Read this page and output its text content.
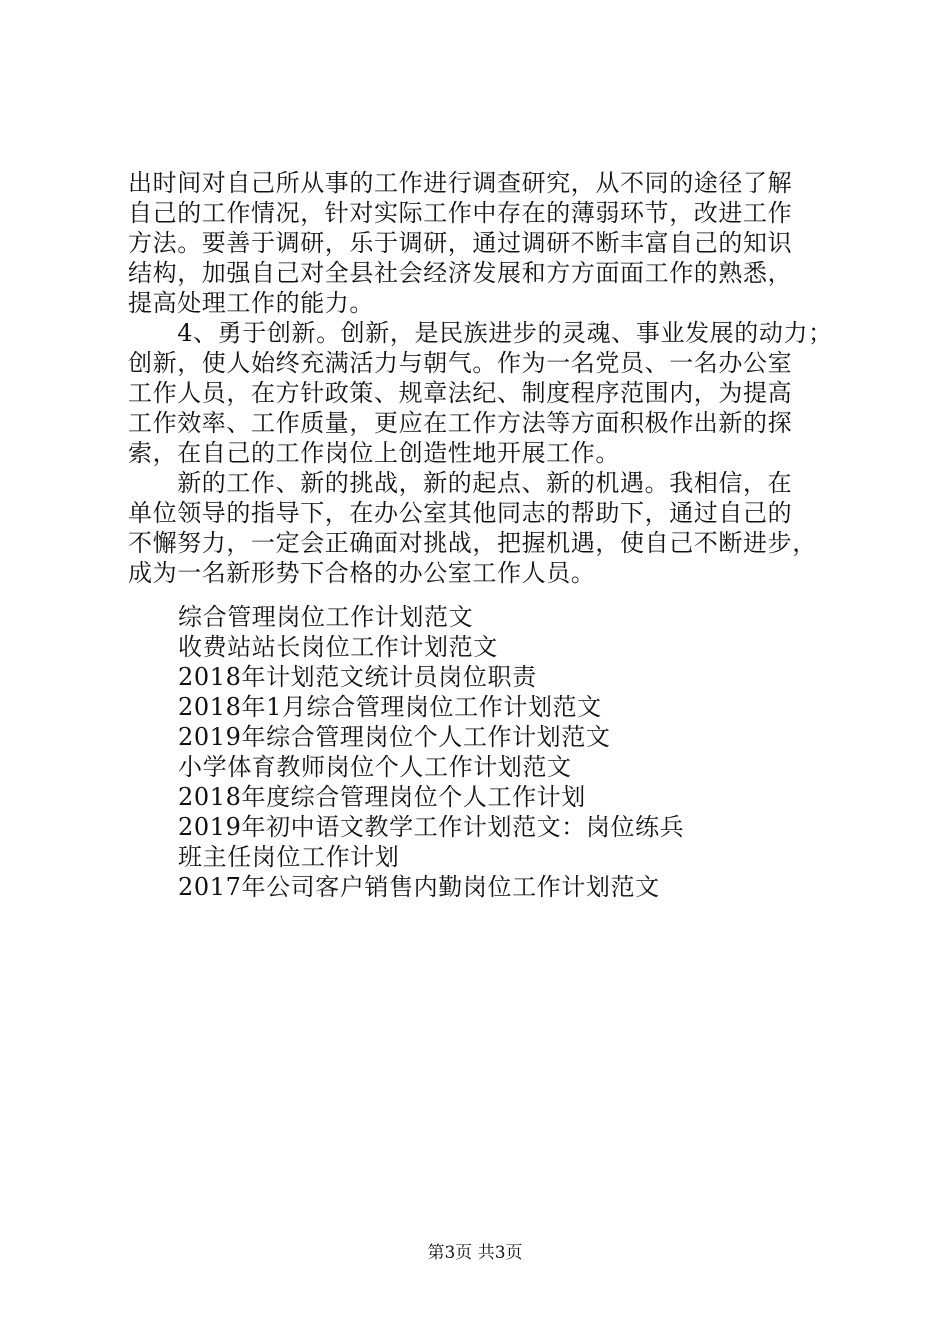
出时间对自己所从事的工作进行调查研究，从不同的途径了解
自己的工作情况，针对实际工作中存在的薄弱环节，改进工作
方法。要善于调研，乐于调研，通过调研不断丰富自己的知识
结构，加强自己对全县社会经济发展和方方面面工作的熟悉，
提高处理工作的能力。
　　4、勇于创新。创新，是民族进步的灵魂、事业发展的动力；
创新，使人始终充满活力与朝气。作为一名党员、一名办公室
工作人员，在方针政策、规章法纪、制度程序范围内，为提高
工作效率、工作质量，更应在工作方法等方面积极作出新的探
索，在自己的工作岗位上创造性地开展工作。
　　新的工作、新的挑战，新的起点、新的机遇。我相信，在
单位领导的指导下，在办公室其他同志的帮助下，通过自己的
不懈努力，一定会正确面对挑战，把握机遇，使自己不断进步，
成为一名新形势下合格的办公室工作人员。
综合管理岗位工作计划范文
收费站站长岗位工作计划范文
2018年计划范文统计员岗位职责
2018年1月综合管理岗位工作计划范文
2019年综合管理岗位个人工作计划范文
小学体育教师岗位个人工作计划范文
2018年度综合管理岗位个人工作计划
2019年初中语文教学工作计划范文：岗位练兵
班主任岗位工作计划
2017年公司客户销售内勤岗位工作计划范文
第3页 共3页
